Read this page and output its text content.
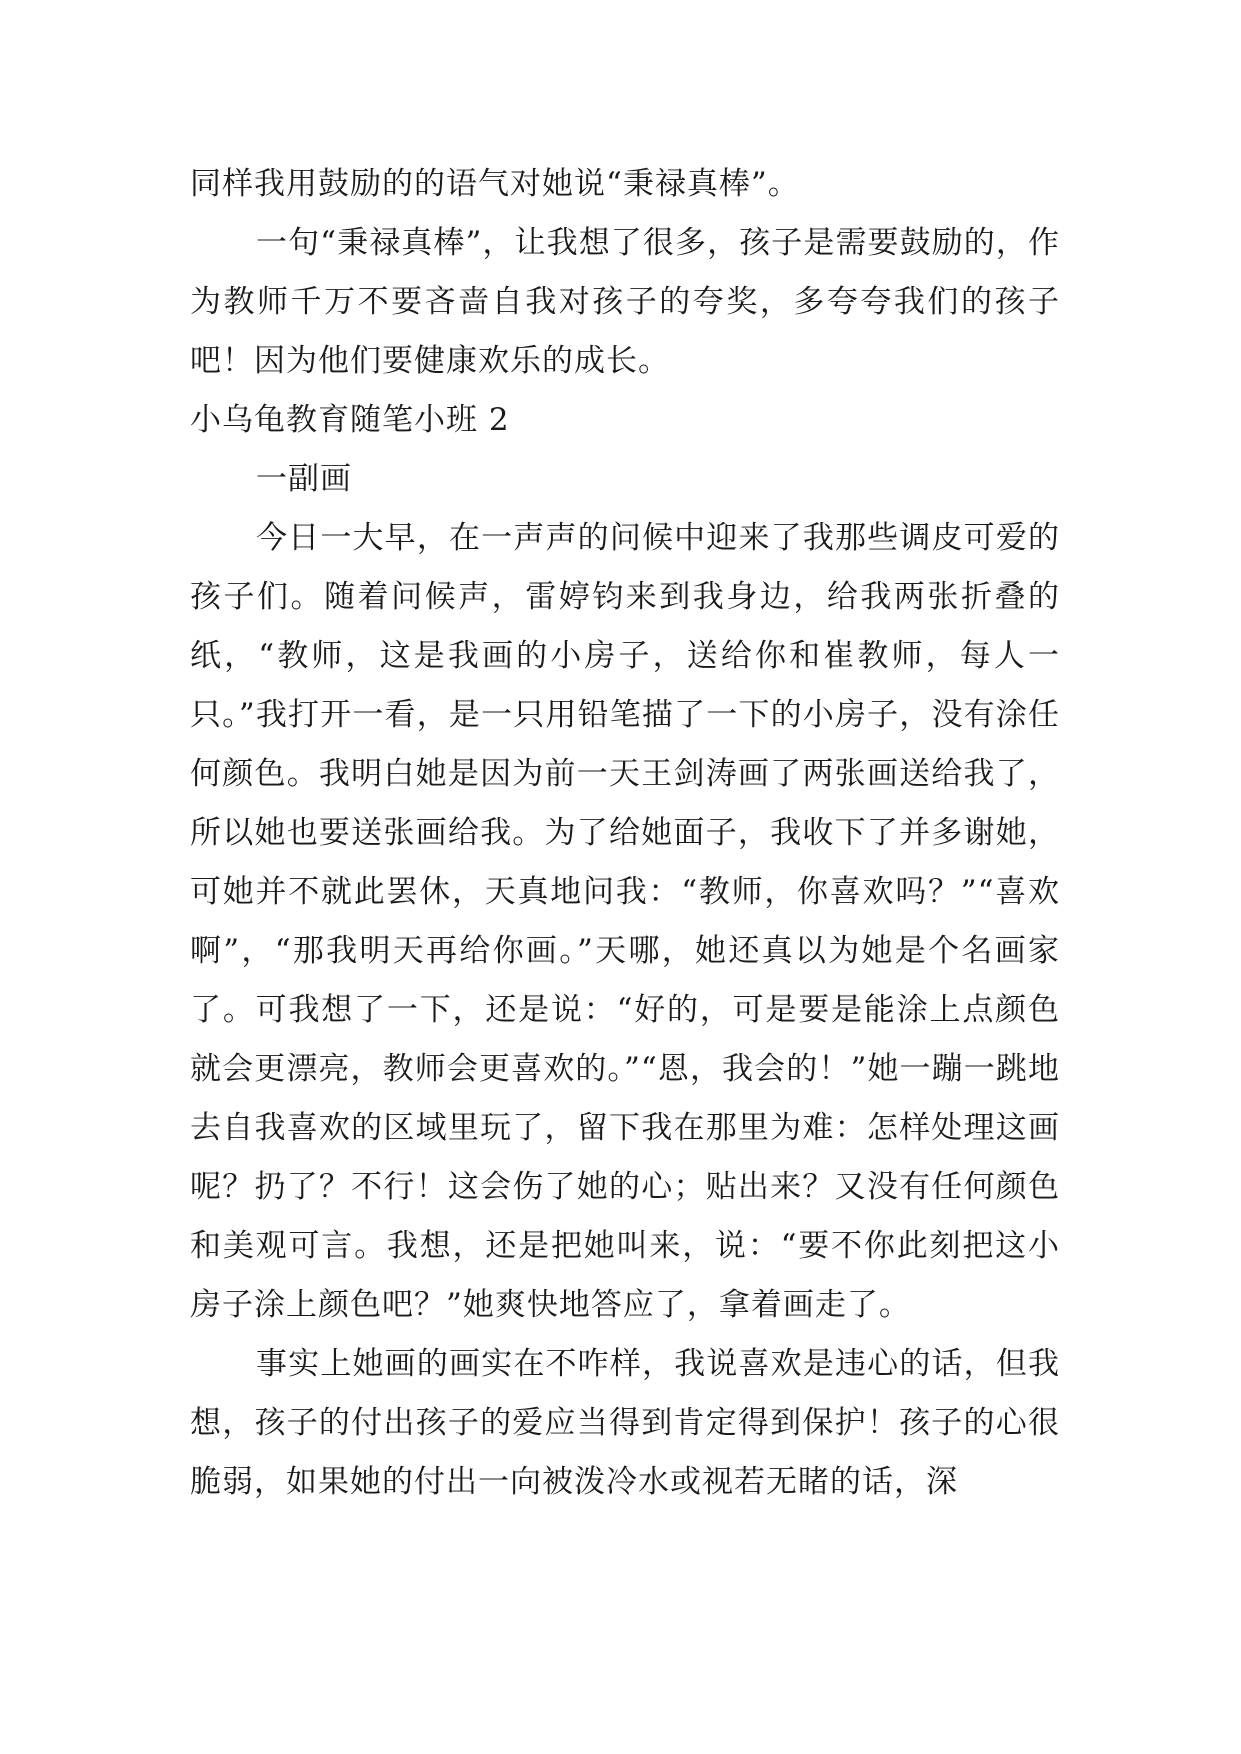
同样我用鼓励的的语气对她说“秉禄真棒”。

一句“秉禄真棒”，让我想了很多，孩子是需要鼓励的，作为教师千万不要吝啬自我对孩子的夸奖，多夸夸我们的孩子吧！因为他们要健康欢乐的成长。

小乌龟教育随笔小班 2

一副画

今日一大早，在一声声的问候中迎来了我那些调皮可爱的孩子们。随着问候声，雷婷钧来到我身边，给我两张折叠的纸，“教师，这是我画的小房子，送给你和崔教师，每人一只。”我打开一看，是一只用铅笔描了一下的小房子，没有涂任何颜色。我明白她是因为前一天王剑涛画了两张画送给我了，所以她也要送张画给我。为了给她面子，我收下了并多谢她，可她并不就此罢休，天真地问我：“教师，你喜欢吗？”“喜欢啊”，“那我明天再给你画。”天哪，她还真以为她是个名画家了。可我想了一下，还是说：“好的，可是要是能涂上点颜色就会更漂亮，教师会更喜欢的。”“恩，我会的！”她一蹦一跳地去自我喜欢的区域里玩了，留下我在那里为难：怎样处理这画呢？扔了？不行！这会伤了她的心；贴出来？又没有任何颜色和美观可言。我想，还是把她叫来，说：“要不你此刻把这小房子涂上颜色吧？”她爽快地答应了，拿着画走了。

事实上她画的画实在不咋样，我说喜欢是违心的话，但我想，孩子的付出孩子的爱应当得到肯定得到保护！孩子的心很脆弱，如果她的付出一向被泼冷水或视若无睹的话，深
